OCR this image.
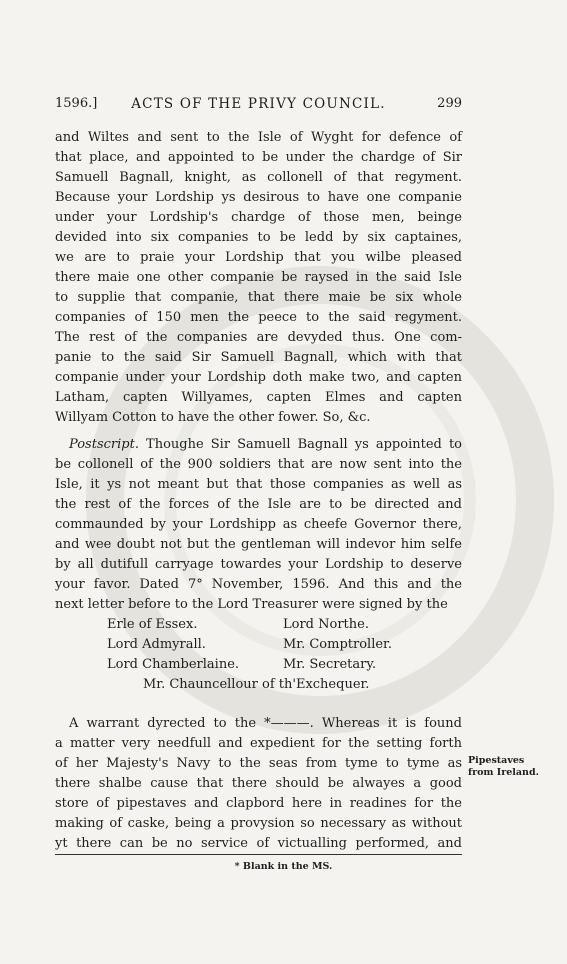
1596.]	ACTS OF THE PRIVY COUNCIL.	299
and Wiltes and sent to the Isle of Wyght for defence of
that place, and appointed to be under the chardge of Sir
Samuell Bagnall, knight, as collonell of that regyment.
Because your Lordship ys desirous to have one companie
under your Lordship's chardge of those men, beinge
devided into six companies to be ledd by six captaines,
we are to praie your Lordship that you wilbe pleased
there maie one other companie be raysed in the said Isle
to supplie that companie, that there maie be six whole
companies of 150 men the peece to the said regyment.
The rest of the companies are devyded thus. One com-
panie to the said Sir Samuell Bagnall, which with that
companie under your Lordship doth make two, and capten
Latham, capten Willyames, capten Elmes and capten
Willyam Cotton to have the other fower. So, &c.
Postscript. Thoughe Sir Samuell Bagnall ys appointed to
be collonell of the 900 soldiers that are now sent into the
Isle, it ys not meant but that those companies as well as
the rest of the forces of the Isle are to be directed and
commaunded by your Lordshipp as cheefe Governor there,
and wee doubt not but the gentleman will indevor him selfe
by all dutifull carryage towardes your Lordship to deserve
your favor. Dated 7° November, 1596. And this and the
next letter before to the Lord Treasurer were signed by the
Erle of Essex.	Lord Northe.
Lord Admyrall.	Mr. Comptroller.
Lord Chamberlaine.	Mr. Secretary.
Mr. Chauncellour of th'Exchequer.
A warrant dyrected to the *———. Whereas it is found
a matter very needfull and expedient for the setting forth
of her Majesty's Navy to the seas from tyme to tyme as
there shalbe cause that there should be alwayes a good
store of pipestaves and clapbord here in readines for the
making of caske, being a provysion so necessary as without
yt there can be no service of victualling performed, and
Pipestaves
from Ireland.
* Blank in the MS.
